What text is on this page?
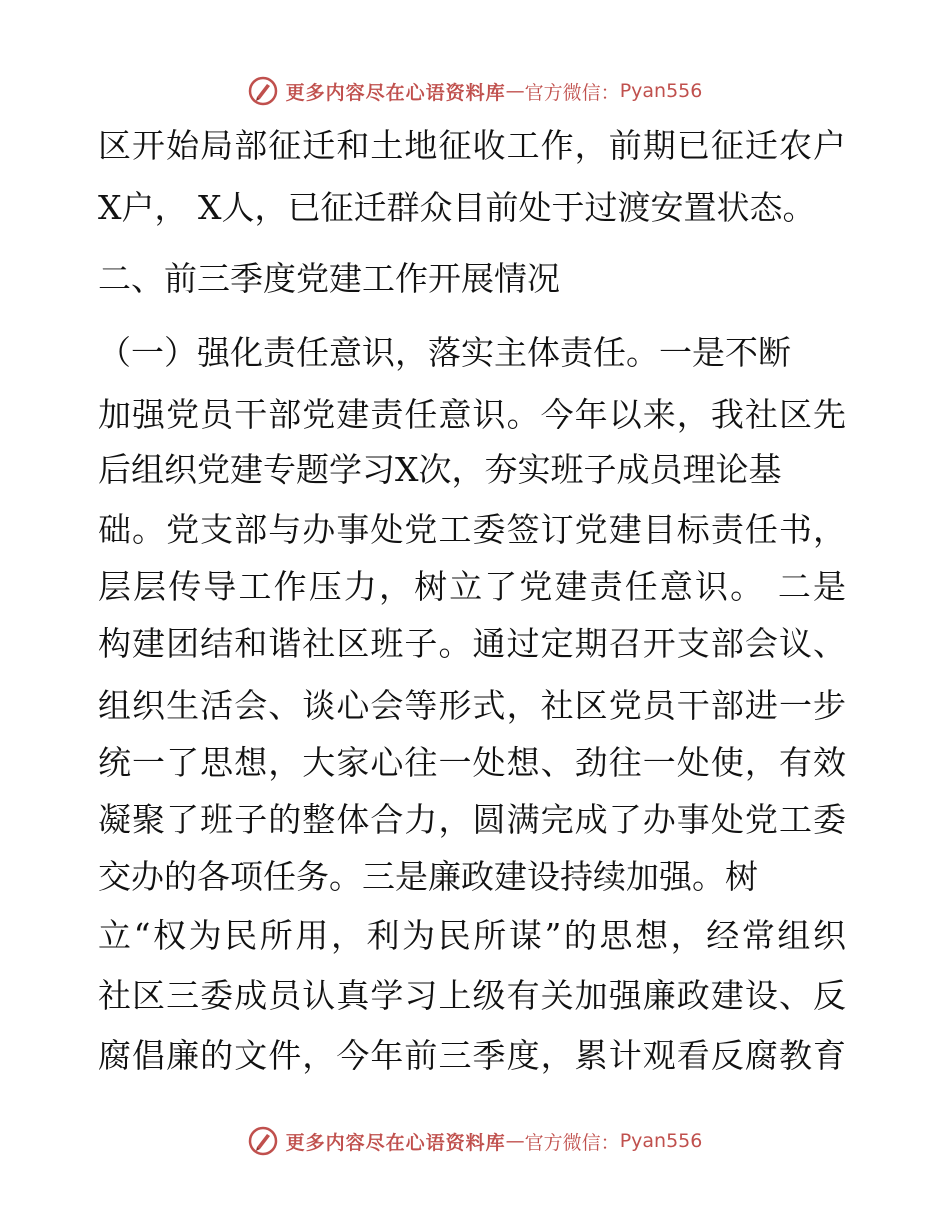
更多内容尽在心语资料库 — 官方微信： Pyan556
区开始局部征迁和土地征收工作，前期已征迁农户
X户， X人，已征迁群众目前处于过渡安置状态。
二、前三季度党建工作开展情况
（一）强化责任意识，落实主体责任。一是不断
加强党员干部党建责任意识。今年以来，我社区先
后组织党建专题学习X次，夯实班子成员理论基
础。党支部与办事处党工委签订党建目标责任书，
层层传导工作压力，树立了党建责任意识。 二是
构建团结和谐社区班子。通过定期召开支部会议、
组织生活会、谈心会等形式，社区党员干部进一步
统一了思想，大家心往一处想、劲往一处使，有效
凝聚了班子的整体合力，圆满完成了办事处党工委
交办的各项任务。三是廉政建设持续加强。树
立“权为民所用，利为民所谋”的思想，经常组织
社区三委成员认真学习上级有关加强廉政建设、反
腐倡廉的文件，今年前三季度，累计观看反腐教育
更多内容尽在心语资料库 — 官方微信： Pyan556
